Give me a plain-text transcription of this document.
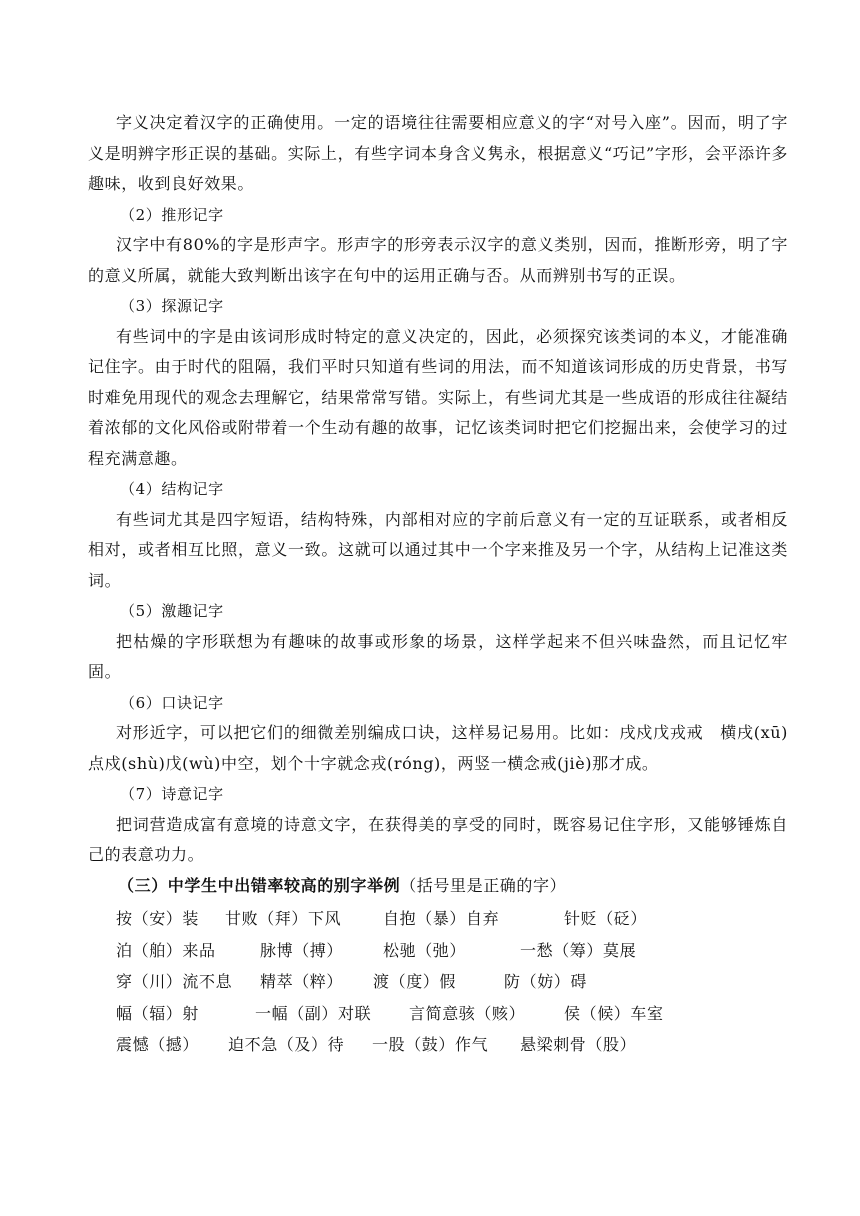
字义决定着汉字的正确使用。一定的语境往往需要相应意义的字“对号入座”。因而，明了字义是明辨字形正误的基础。实际上，有些字词本身含义隽永，根据意义“巧记”字形，会平添许多趣味，收到良好效果。

（2）推形记字

汉字中有80%的字是形声字。形声字的形旁表示汉字的意义类别，因而，推断形旁，明了字的意义所属，就能大致判断出该字在句中的运用正确与否。从而辨别书写的正误。

（3）探源记字

有些词中的字是由该词形成时特定的意义决定的，因此，必须探究该类词的本义，才能准确记住字。由于时代的阻隔，我们平时只知道有些词的用法，而不知道该词形成的历史背景，书写时难免用现代的观念去理解它，结果常常写错。实际上，有些词尤其是一些成语的形成往往凝结着浓郁的文化风俗或附带着一个生动有趣的故事，记忆该类词时把它们挖掘出来，会使学习的过程充满意趣。

（4）结构记字

有些词尤其是四字短语，结构特殊，内部相对应的字前后意义有一定的互证联系，或者相反相对，或者相互比照，意义一致。这就可以通过其中一个字来推及另一个字，从结构上记准这类词。

（5）激趣记字

把枯燥的字形联想为有趣味的故事或形象的场景，这样学起来不但兴味盎然，而且记忆牢固。

（6）口诀记字

对形近字，可以把它们的细微差别编成口诀，这样易记易用。比如：戌戍戊戎戒　横戌(xū)点戍(shù)戊(wù)中空，划个十字就念戎(róng)，两竖一横念戒(jiè)那才成。

（7）诗意记字

把词营造成富有意境的诗意文字，在获得美的享受的同时，既容易记住字形，又能够锤炼自己的表意功力。

（三）中学生中出错率较高的别字举例（括号里是正确的字）

按（安）装 甘败（拜）下风	自抱（暴）自弃	针贬（砭）
泊（舶）来品	脉博（搏） 松驰（弛）	一愁（筹）莫展
穿（川）流不息 精萃（粹） 渡（度）假	防（妨）碍
幅（辐）射	一幅（副）对联 言简意骇（赅） 侯（候）车室
震憾（撼） 迫不急（及）待 一股（鼓）作气 悬梁刺骨（股）
